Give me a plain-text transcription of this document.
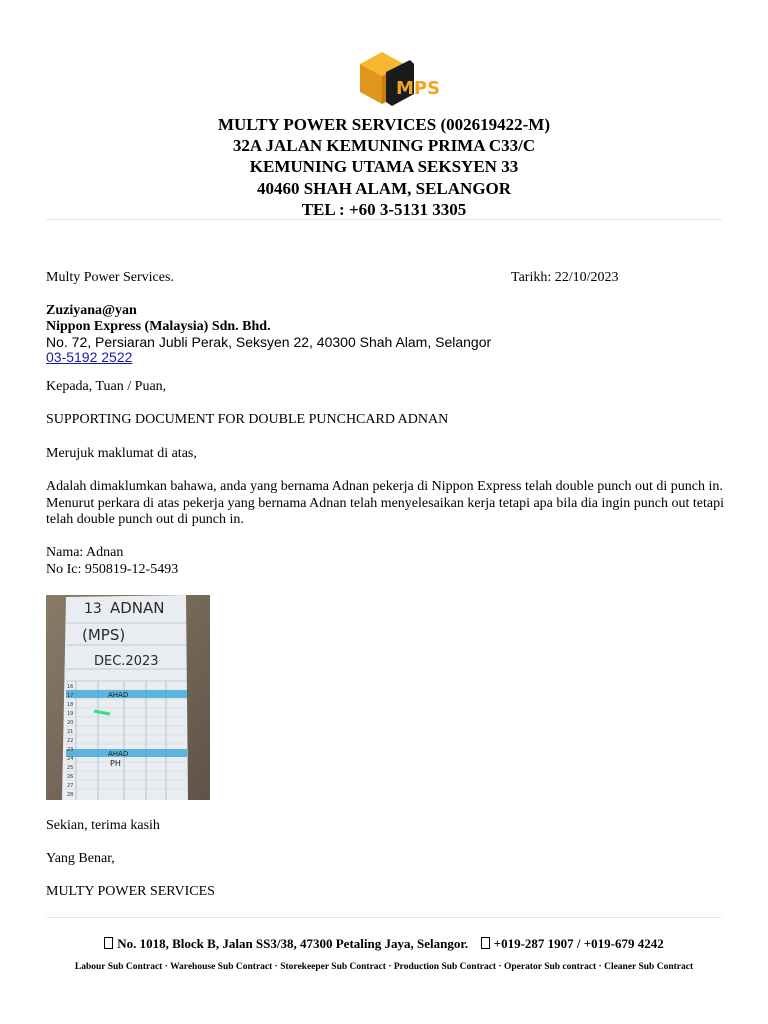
MPS
MULTY POWER SERVICES (002619422-M)
32A JALAN KEMUNING PRIMA C33/C
KEMUNING UTAMA SEKSYEN 33
40460 SHAH ALAM, SELANGOR
TEL : +60 3-5131 3305
Multy Power Services.	Tarikh: 22/10/2023
Zuziyana@yan
Nippon Express (Malaysia) Sdn. Bhd.
No. 72, Persiaran Jubli Perak, Seksyen 22, 40300 Shah Alam, Selangor
03-5192 2522
Kepada, Tuan / Puan,
SUPPORTING DOCUMENT FOR DOUBLE PUNCHCARD ADNAN
Merujuk maklumat di atas,
Adalah dimaklumkan bahawa, anda yang bernama Adnan pekerja di Nippon Express telah double punch out di punch in. Menurut perkara di atas pekerja yang bernama Adnan telah menyelesaikan kerja tetapi apa bila dia ingin punch out tetapi telah double punch out di punch in.
Nama: Adnan
No Ic: 950819-12-5493
13 ADNAN
(MPS)
DEC.2023
AHAD
AHAD
PH
16
17
18
19
20
21
22
23
24
25
26
27
28
Sekian, terima kasih
Yang Benar,
MULTY POWER SERVICES
No. 1018, Block B, Jalan SS3/38, 47300 Petaling Jaya, Selangor. +019-287 1907 / +019-679 4242
Labour Sub Contract · Warehouse Sub Contract · Storekeeper Sub Contract · Production Sub Contract · Operator Sub contract · Cleaner Sub Contract
